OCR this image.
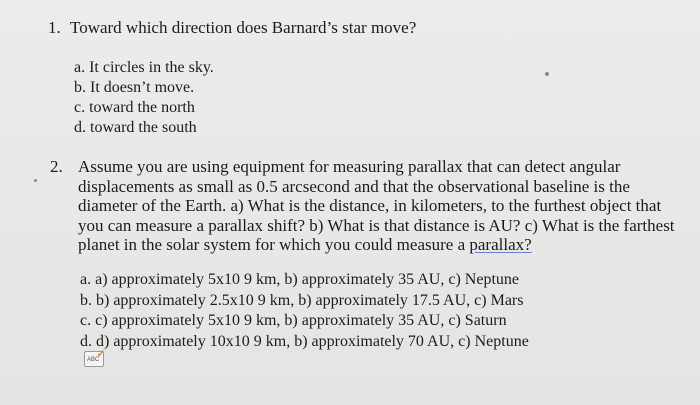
1. Toward which direction does Barnard’s star move?
a. It circles in the sky.
b. It doesn’t move.
c. toward the north
d. toward the south
2. Assume you are using equipment for measuring parallax that can detect angular
displacements as small as 0.5 arcsecond and that the observational baseline is the
diameter of the Earth. a) What is the distance, in kilometers, to the furthest object that
you can measure a parallax shift? b) What is that distance is AU? c) What is the farthest
planet in the solar system for which you could measure a parallax?
a. a) approximately 5x10 9 km, b) approximately 35 AU, c) Neptune
b. b) approximately 2.5x10 9 km, b) approximately 17.5 AU, c) Mars
c. c) approximately 5x10 9 km, b) approximately 35 AU, c) Saturn
d. d) approximately 10x10 9 km, b) approximately 70 AU, c) Neptune
ABC
✓
